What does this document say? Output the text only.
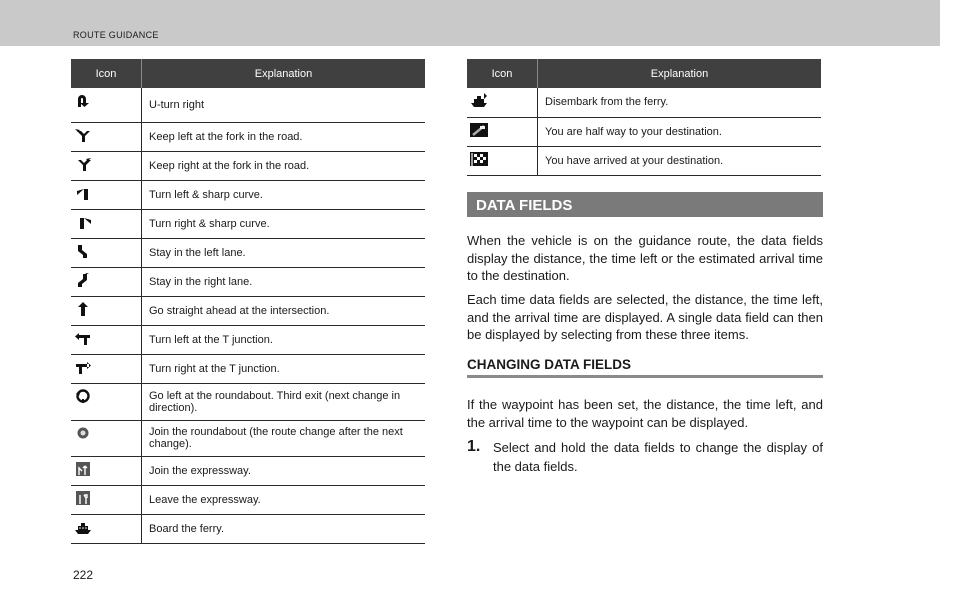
ROUTE GUIDANCE
Icon	Explanation

	U-turn right

	Keep left at the fork in the road.

	Keep right at the fork in the road.

	Turn left & sharp curve.

	Turn right & sharp curve.

	Stay in the left lane.

	Stay in the right lane.

	Go straight ahead at the intersection.

	Turn left at the T junction.

	Turn right at the T junction.

	Go left at the roundabout. Third exit (next change in direction).

	Join the roundabout (the route change after the next change).

	Join the expressway.

	Leave the expressway.

	Board the ferry.
Icon	Explanation

	Disembark from the ferry.

	You are half way to your destination.

	You have arrived at your destination.
DATA FIELDS

When the vehicle is on the guidance route, the data fields display the distance, the time left or the estimated arrival time to the destination.

Each time data fields are selected, the distance, the time left, and the arrival time are displayed. A single data field can then be displayed by selecting from these three items.

CHANGING DATA FIELDS

If the waypoint has been set, the distance, the time left, and the arrival time to the waypoint can be displayed.

1. Select and hold the data fields to change the display of the data fields.
222
